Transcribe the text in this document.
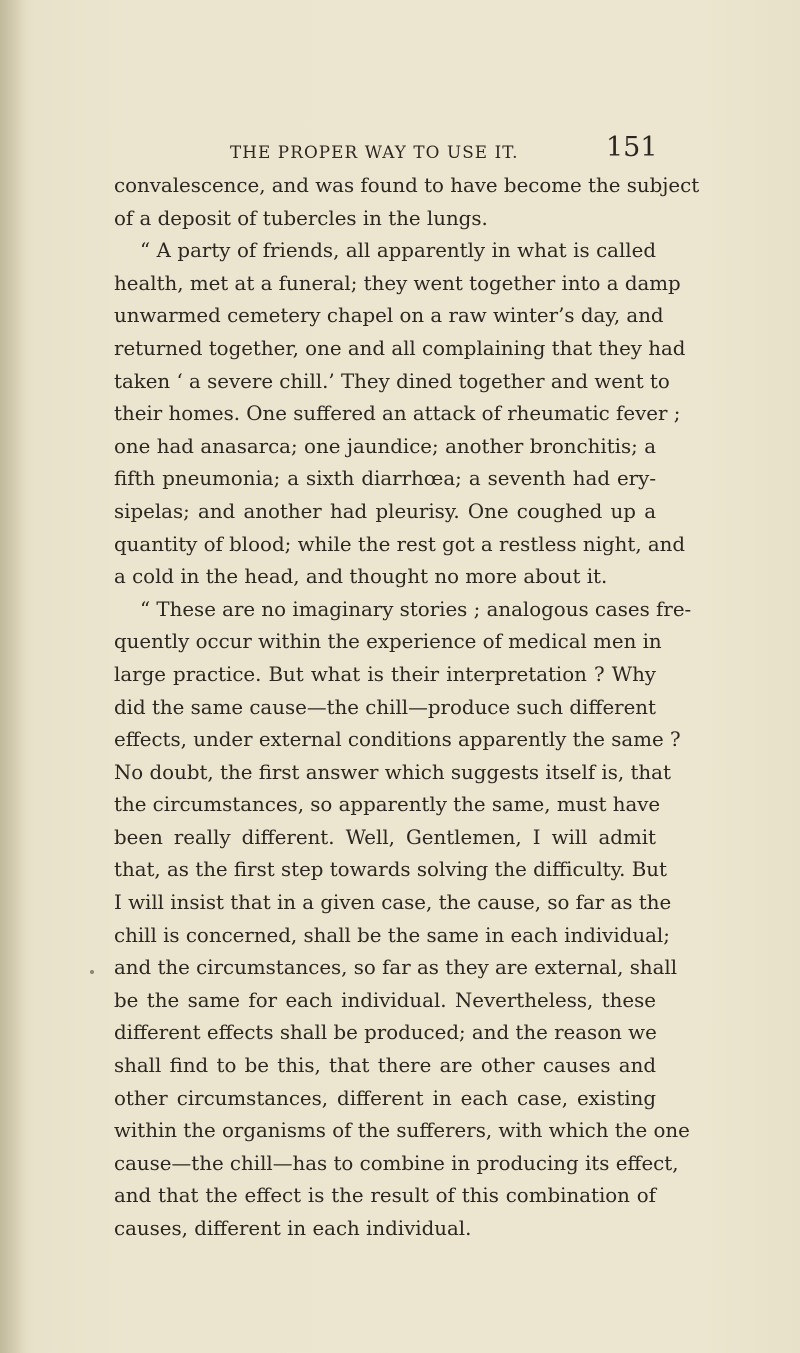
THE PROPER WAY TO USE IT.	151
convalescence, and was found to have become the subject
of a deposit of tubercles in the lungs.
“ A party of friends, all apparently in what is called
health, met at a funeral; they went together into a damp
unwarmed cemetery chapel on a raw winter’s day, and
returned together, one and all complaining that they had
taken ‘ a severe chill.’ They dined together and went to
their homes. One suffered an attack of rheumatic fever ;
one had anasarca; one jaundice; another bronchitis; a
fifth pneumonia; a sixth diarrhœa; a seventh had ery-
sipelas; and another had pleurisy. One coughed up a
quantity of blood; while the rest got a restless night, and
a cold in the head, and thought no more about it.
“ These are no imaginary stories ; analogous cases fre-
quently occur within the experience of medical men in
large practice. But what is their interpretation ? Why
did the same cause—the chill—produce such different
effects, under external conditions apparently the same ?
No doubt, the first answer which suggests itself is, that
the circumstances, so apparently the same, must have
been really different. Well, Gentlemen, I will admit
that, as the first step towards solving the difficulty. But
I will insist that in a given case, the cause, so far as the
chill is concerned, shall be the same in each individual;
and the circumstances, so far as they are external, shall
be the same for each individual. Nevertheless, these
different effects shall be produced; and the reason we
shall find to be this, that there are other causes and
other circumstances, different in each case, existing
within the organisms of the sufferers, with which the one
cause—the chill—has to combine in producing its effect,
and that the effect is the result of this combination of
causes, different in each individual.
